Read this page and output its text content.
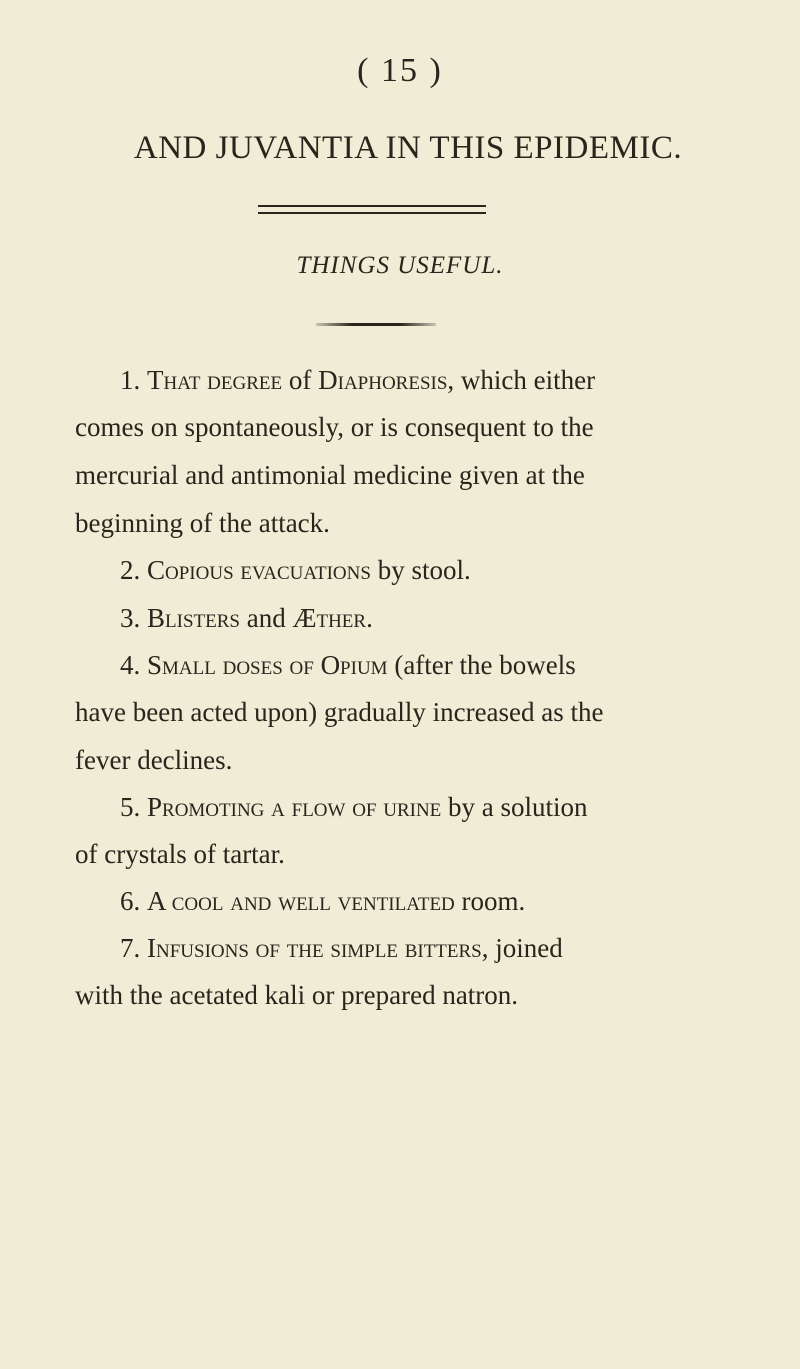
( 15 )
AND JUVANTIA IN THIS EPIDEMIC.
THINGS USEFUL.
1. That degree of Diaphoresis, which either
comes on spontaneously, or is consequent to the
mercurial and antimonial medicine given at the
beginning of the attack.
2. Copious evacuations by stool.
3. Blisters and Æther.
4. Small doses of Opium (after the bowels
have been acted upon) gradually increased as the
fever declines.
5. Promoting a flow of urine by a solution
of crystals of tartar.
6. A cool and well ventilated room.
7. Infusions of the simple bitters, joined
with the acetated kali or prepared natron.
